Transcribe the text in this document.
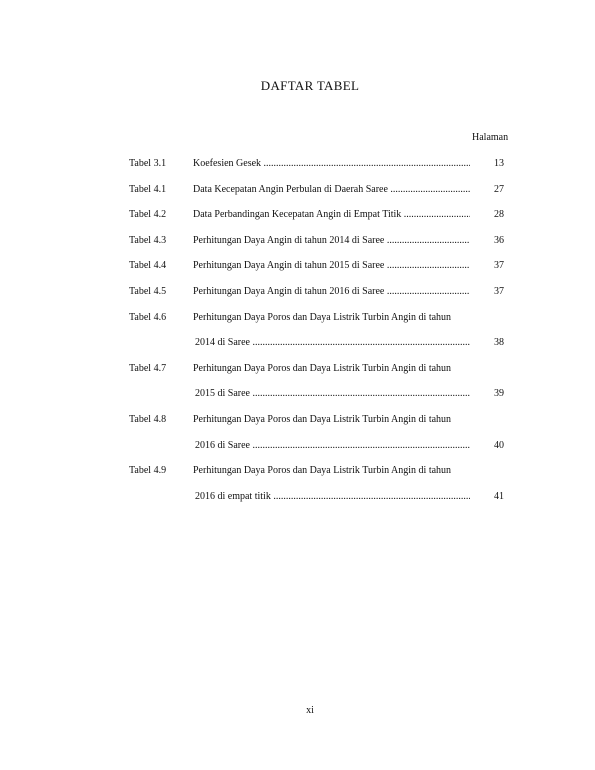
DAFTAR TABEL
Halaman
Tabel 3.1	Koefesien Gesek .....	13
Tabel 4.1	Data Kecepatan Angin Perbulan di Daerah Saree .....	27
Tabel 4.2	Data Perbandingan Kecepatan Angin di Empat Titik .....	28
Tabel 4.3	Perhitungan Daya Angin di tahun 2014 di Saree .....	36
Tabel 4.4	Perhitungan Daya Angin di tahun 2015 di Saree .....	37
Tabel 4.5	Perhitungan Daya Angin di tahun 2016 di Saree .....	37
Tabel 4.6	Perhitungan Daya Poros dan Daya Listrik Turbin Angin di tahun
2014 di Saree .....	38
Tabel 4.7	Perhitungan Daya Poros dan Daya Listrik Turbin Angin di tahun
2015 di Saree .....	39
Tabel 4.8	Perhitungan Daya Poros dan Daya Listrik Turbin Angin di tahun
2016 di Saree .....	40
Tabel 4.9	Perhitungan Daya Poros dan Daya Listrik Turbin Angin di tahun
2016 di empat titik .....	41
xi
